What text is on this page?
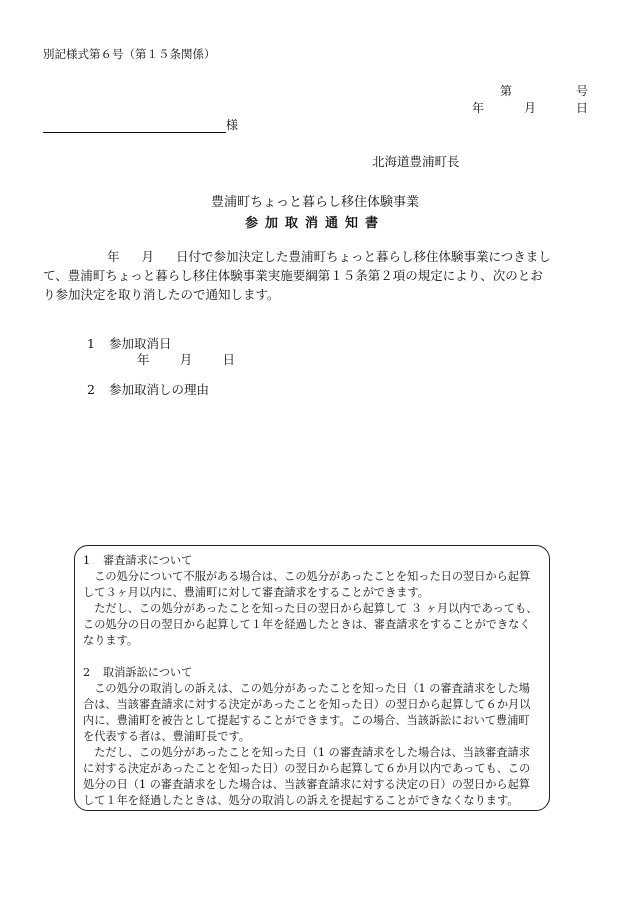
別記様式第６号（第１５条関係）
第	号
年	月	日
様
北海道豊浦町長
豊浦町ちょっと暮らし移住体験事業
参加取消通知書
年 月 日付で参加決定した豊浦町ちょっと暮らし移住体験事業につきまし
て、豊浦町ちょっと暮らし移住体験事業実施要綱第１５条第２項の規定により、次のとお
り参加決定を取り消したので通知します。
1 参加取消日
年 月 日
2 参加取消しの理由

1 審査請求について

この処分について不服がある場合は、この処分があったことを知った日の翌日から起算

して３ヶ月以内に、豊浦町に対して審査請求をすることができます。

ただし、この処分があったことを知った日の翌日から起算して ３ ヶ月以内であっても、

この処分の日の翌日から起算して１年を経過したときは、審査請求をすることができなく

なります。

2 取消訴訟について

この処分の取消しの訴えは、この処分があったことを知った日（1 の審査請求をした場

合は、当該審査請求に対する決定があったことを知った日）の翌日から起算して６か月以

内に、豊浦町を被告として提起することができます。この場合、当該訴訟において豊浦町

を代表する者は、豊浦町長です。

ただし、この処分があったことを知った日（1 の審査請求をした場合は、当該審査請求

に対する決定があったことを知った日）の翌日から起算して６か月以内であっても、この

処分の日（1 の審査請求をした場合は、当該審査請求に対する決定の日）の翌日から起算

して１年を経過したときは、処分の取消しの訴えを提起することができなくなります。
